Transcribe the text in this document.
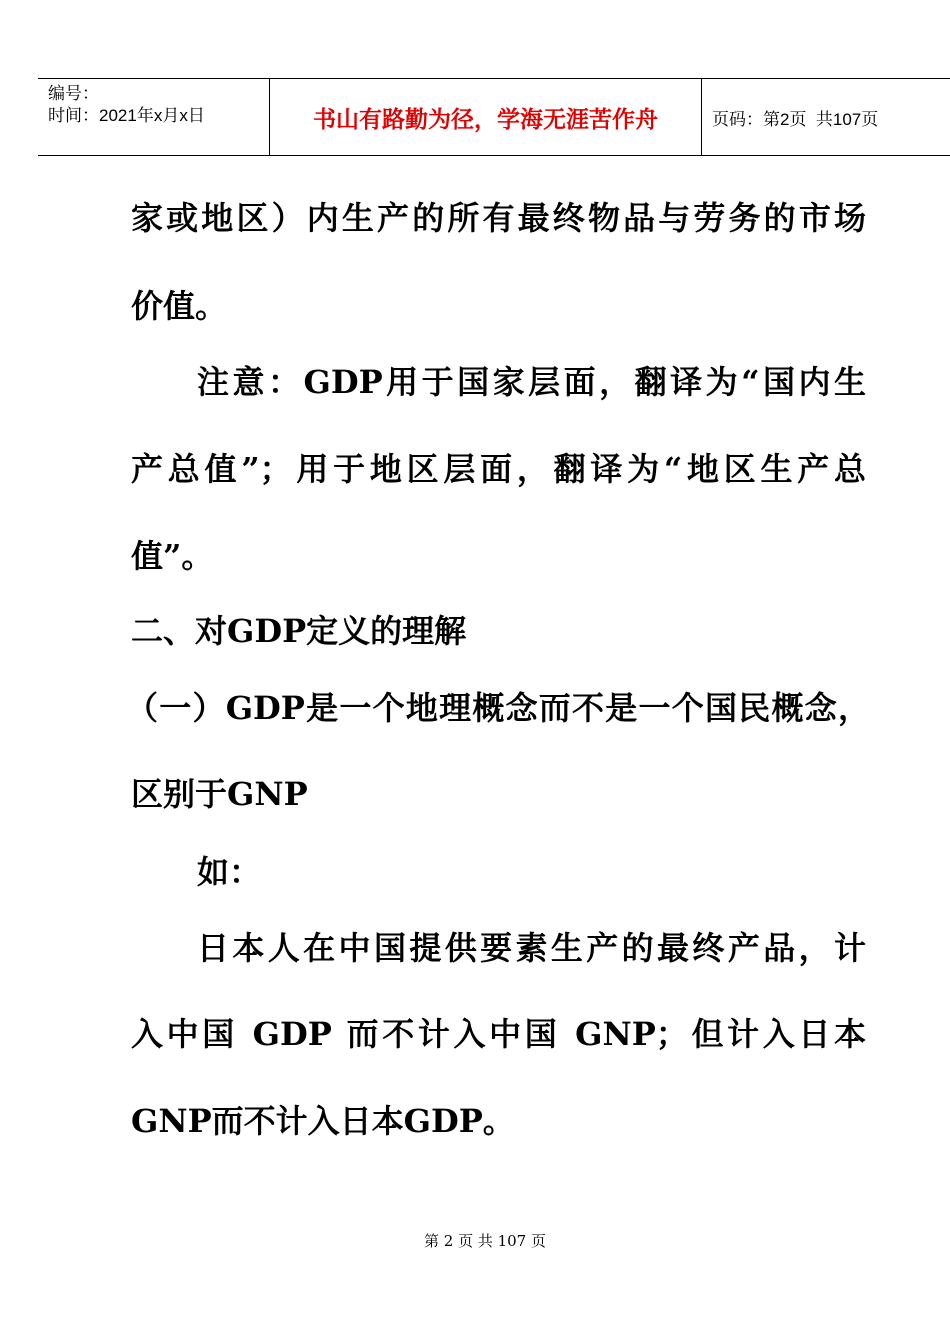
编号：
时间：2021年x月x日	书山有路勤为径，学海无涯苦作舟	页码：第2页  共107页
家或地区）内生产的所有最终物品与劳务的市场
价值。
注意：GDP用于国家层面，翻译为“国内生
产总值”；用于地区层面，翻译为“地区生产总
值”。
二、对GDP定义的理解
（一）GDP是一个地理概念而不是一个国民概念，
区别于GNP
如：
日本人在中国提供要素生产的最终产品，计
入中国 GDP 而不计入中国 GNP；但计入日本
GNP而不计入日本GDP。
第 2 页 共 107 页
